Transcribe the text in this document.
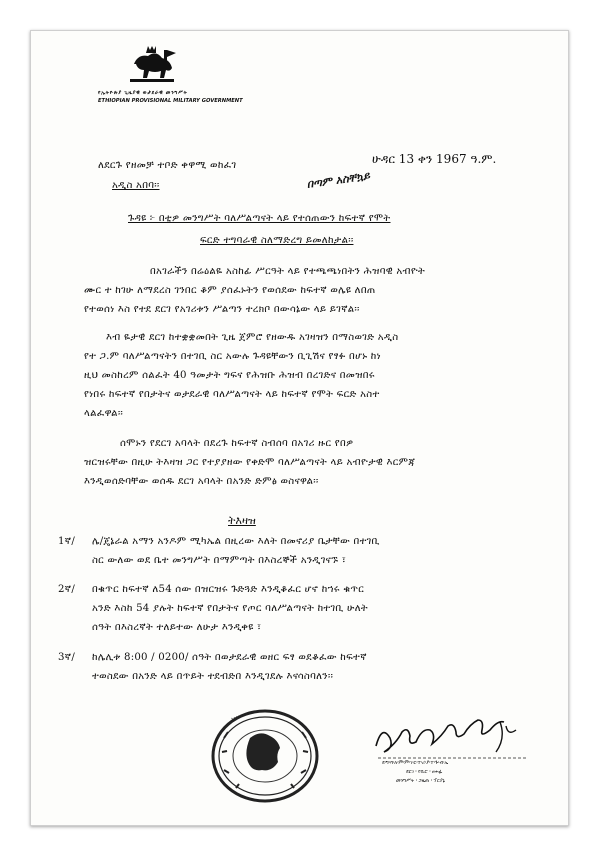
የኢትዮጵያ ጊዜያዊ ወታደራዊ መንግሥት
ETHIOPIAN PROVISIONAL MILITARY GOVERNMENT
ሁዳር 13 ቀን 1967 ዓ.ም.
ለደርጉ የዘመቻ ተቦድ ቀዋሚ ወከፈገ
አዲስ አበባ፡፡	በጣም አስቸኳይ
ጉዳዩ ፦ በቲዎ መንግሥት ባለሥልጣናት ላይ የተሰጠውን ከፍተኛ የሞት
ፍርድ ተግባራዊ ስለማድረግ ይመለከታል፡፡
በአገራችን በሬዕልዬ አስከፊ ሥርዓት ላይ የተጫጫነበትን ሕዝባዊ አብዮት
ሙር ተ ከገሁ ለማደረስ ገንበር ቆም ያሰፈኑትን የወሰደው ከፍተኛ ወሌዩ ለበጠ
የተወሰነ እስ የተደ ደርገ የአገሪቱን ሥልጣን ተረክቦ በውሳኔው ላይ ይገኛል፡፡
እብ ዬታዊ ደርገ ከተቋቋመበት ጊዜ ጀምሮ የዘውዱ አገዛዝን በማስወገድ አዲስ
የተ ጋ.ም ባለሥልጣናትን በተገቢ ስር አውሉ ጉዳዩቸውን ቢጊሽና የፃፉ በሆኑ ከነ
ዚህ መስከረም ሰልፈት 40 ዓመታት ግፍና የሕዝቡ ሕዝብ በረገድና በመዝበሩ
የነበሩ ከፍተኛ የበታትና ወታደራዊ ባለሥልጣናት ላይ ከፍተኛ የሞት ፍርድ አስተ
ላልፈዋል፡፡
ሰሞኑን የደርገ አባላት በደረጉ ከፍተኛ ስብሰባ በአገሪ ዙር የበዎ
ዝርዝሩቸው በዚሁ ትእዛዝ ጋር የተያያዘው የቀድሞ ባለሥልጣናት ላይ አብዮታዊ እርምጃ
እንዲወሰድባቸው ወሰዱ ደርገ አባላት በአንድ ድምፅ ወስናዋል፡፡
ትእዛዝ
1ኛ/ ሌ/ጄኔራል አማን አንዶም ሚካኤል በዚረው እለት በመኖሪያ ቤታቸው በተገቢ
ስር ውለው ወደ ቤተ መንግሥት በማምጣት በእስረኞች አንዲገናኙ ፣
2ኛ/ በቁጥር ከፍተኛ ለ54 ሰው በዝርዝሩ ጉድጓድ እንዲቆፈር ሆኖ ከኀሩ ቁጥር
አንድ እስከ 54 ያሉት ከፍተኛ የበታትና የጦር ባለሥልጣናት ከተገቢ ሁለት
ሰዓት በእስረኛት ተለይተው ለሁታ እንዲቀዩ ፣
3ኛ/ ከሌሊቱ 8:00 / 0200/ ሰዓት በወታደራዊ ወዘር ፍፃ ወደቆፈው ከፍተኛ
ተወስደው በአንድ ላይ በጥይት ተደብድበ እንዲገደሉ እናሳስባለን፡፡
ᐩᐩᐩᐩ
ደ፡ግ፡ሻ፡ለ፡ም፡ም፡ገ፡ር፡ተ፡ሪ፡ያ፡ተ፡ጉ፡ብ፡ኤ
ደርገ ፡ የቢሮ ፡ ፀሐፊ
መንግሥት ፡ ጋዜጠ ፡ ፕርያኔ
